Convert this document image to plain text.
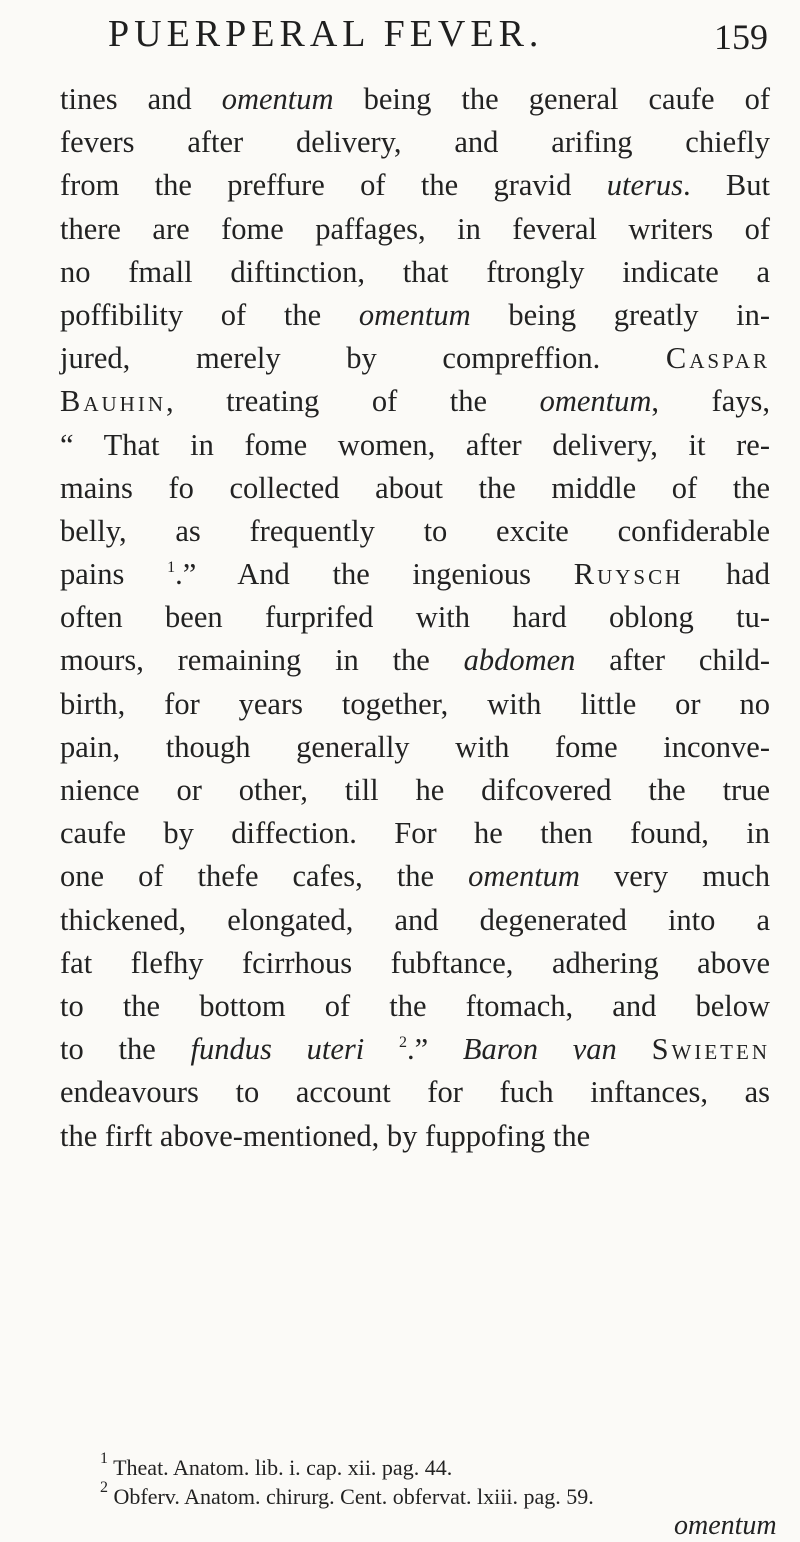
PUERPERAL FEVER.	159
tines and omentum being the general caufe of
fevers after delivery, and arifing chiefly
from the preffure of the gravid uterus. But
there are fome paffages, in feveral writers of
no fmall diftinction, that ftrongly indicate a
poffibility of the omentum being greatly in-
jured, merely by compreffion. Caspar
Bauhin, treating of the omentum, fays,
“ That in fome women, after delivery, it re-
mains fo collected about the middle of the
belly, as frequently to excite confiderable
pains $^1$.” And the ingenious Ruysch had
often been furprifed with hard oblong tu-
mours, remaining in the abdomen after child-
birth, for years together, with little or no
pain, though generally with fome inconve-
nience or other, till he difcovered the true
caufe by diffection. For he then found, in
one of thefe cafes, the omentum very much
thickened, elongated, and degenerated into a
fat flefhy fcirrhous fubftance, adhering above
to the bottom of the ftomach, and below
to the fundus uteri $^2$.” Baron van Swieten
endeavours to account for fuch inftances, as
the firft above-mentioned, by fuppofing the
$^1$ Theat. Anatom. lib. i. cap. xii. pag. 44.
$^2$ Obferv. Anatom. chirurg. Cent. obfervat. lxiii. pag. 59.
omentum
